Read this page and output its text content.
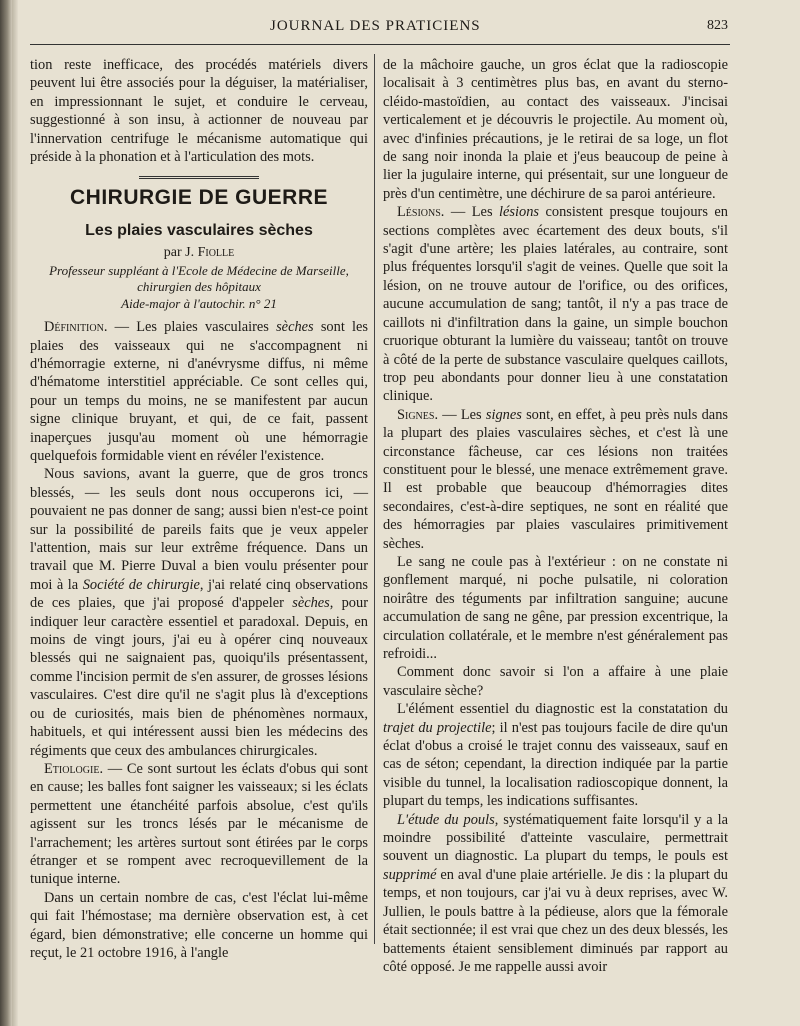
JOURNAL DES PRATICIENS	823

tion reste inefficace, des procédés matériels divers peuvent lui être associés pour la déguiser, la matérialiser, en impressionnant le sujet, et conduire le cerveau, suggestionné à son insu, à actionner de nouveau par l'innervation centrifuge le mécanisme automatique qui préside à la phonation et à l'articulation des mots.

CHIRURGIE DE GUERRE
Les plaies vasculaires sèches

par J. Fiolle

Professeur suppléant à l'Ecole de Médecine de Marseille,

chirurgien des hôpitaux

Aide-major à l'autochir. n° 21

Définition. — Les plaies vasculaires sèches sont les plaies des vaisseaux qui ne s'accompagnent ni d'hémorragie externe, ni d'anévrysme diffus, ni même d'hématome interstitiel appréciable. Ce sont celles qui, pour un temps du moins, ne se manifestent par aucun signe clinique bruyant, et qui, de ce fait, passent inaperçues jusqu'au moment où une hémorragie quelquefois formidable vient en révéler l'existence.

Nous savions, avant la guerre, que de gros troncs blessés, — les seuls dont nous occuperons ici, — pouvaient ne pas donner de sang; aussi bien n'est-ce point sur la possibilité de pareils faits que je veux appeler l'attention, mais sur leur extrême fréquence. Dans un travail que M. Pierre Duval a bien voulu présenter pour moi à la Société de chirurgie, j'ai relaté cinq observations de ces plaies, que j'ai proposé d'appeler sèches, pour indiquer leur caractère essentiel et paradoxal. Depuis, en moins de vingt jours, j'ai eu à opérer cinq nouveaux blessés qui ne saignaient pas, quoiqu'ils présentassent, comme l'incision permit de s'en assurer, de grosses lésions vasculaires. C'est dire qu'il ne s'agit plus là d'exceptions ou de curiosités, mais bien de phénomènes normaux, habituels, et qui intéressent aussi bien les médecins des régiments que ceux des ambulances chirurgicales.

Etiologie. — Ce sont surtout les éclats d'obus qui sont en cause; les balles font saigner les vaisseaux; si les éclats permettent une étanchéité parfois absolue, c'est qu'ils agissent sur les troncs lésés par le mécanisme de l'arrachement; les artères surtout sont étirées par le corps étranger et se rompent avec recroquevillement de la tunique interne.

Dans un certain nombre de cas, c'est l'éclat lui-même qui fait l'hémostase; ma dernière observation est, à cet égard, bien démonstrative; elle concerne un homme qui reçut, le 21 octobre 1916, à l'angle

de la mâchoire gauche, un gros éclat que la radioscopie localisait à 3 centimètres plus bas, en avant du sterno-cléido-mastoïdien, au contact des vaisseaux. J'incisai verticalement et je découvris le projectile. Au moment où, avec d'infinies précautions, je le retirai de sa loge, un flot de sang noir inonda la plaie et j'eus beaucoup de peine à lier la jugulaire interne, qui présentait, sur une longueur de près d'un centimètre, une déchirure de sa paroi antérieure.

Lésions. — Les lésions consistent presque toujours en sections complètes avec écartement des deux bouts, s'il s'agit d'une artère; les plaies latérales, au contraire, sont plus fréquentes lorsqu'il s'agit de veines. Quelle que soit la lésion, on ne trouve autour de l'orifice, ou des orifices, aucune accumulation de sang; tantôt, il n'y a pas trace de caillots ni d'infiltration dans la gaine, un simple bouchon cruorique obturant la lumière du vaisseau; tantôt on trouve à côté de la perte de substance vasculaire quelques caillots, trop peu abondants pour donner lieu à une constatation clinique.

Signes. — Les signes sont, en effet, à peu près nuls dans la plupart des plaies vasculaires sèches, et c'est là une circonstance fâcheuse, car ces lésions non traitées constituent pour le blessé, une menace extrêmement grave. Il est probable que beaucoup d'hémorragies dites secondaires, c'est-à-dire septiques, ne sont en réalité que des hémorragies par plaies vasculaires primitivement sèches.

Le sang ne coule pas à l'extérieur : on ne constate ni gonflement marqué, ni poche pulsatile, ni coloration noirâtre des téguments par infiltration sanguine; aucune accumulation de sang ne gêne, par pression excentrique, la circulation collatérale, et le membre n'est généralement pas refroidi...

Comment donc savoir si l'on a affaire à une plaie vasculaire sèche?

L'élément essentiel du diagnostic est la constatation du trajet du projectile; il n'est pas toujours facile de dire qu'un éclat d'obus a croisé le trajet connu des vaisseaux, sauf en cas de séton; cependant, la direction indiquée par la partie visible du tunnel, la localisation radioscopique donnent, la plupart du temps, les indications suffisantes.

L'étude du pouls, systématiquement faite lorsqu'il y a la moindre possibilité d'atteinte vasculaire, permettrait souvent un diagnostic. La plupart du temps, le pouls est supprimé en aval d'une plaie artérielle. Je dis : la plupart du temps, et non toujours, car j'ai vu à deux reprises, avec W. Jullien, le pouls battre à la pédieuse, alors que la fémorale était sectionnée; il est vrai que chez un des deux blessés, les battements étaient sensiblement diminués par rapport au côté opposé. Je me rappelle aussi avoir
